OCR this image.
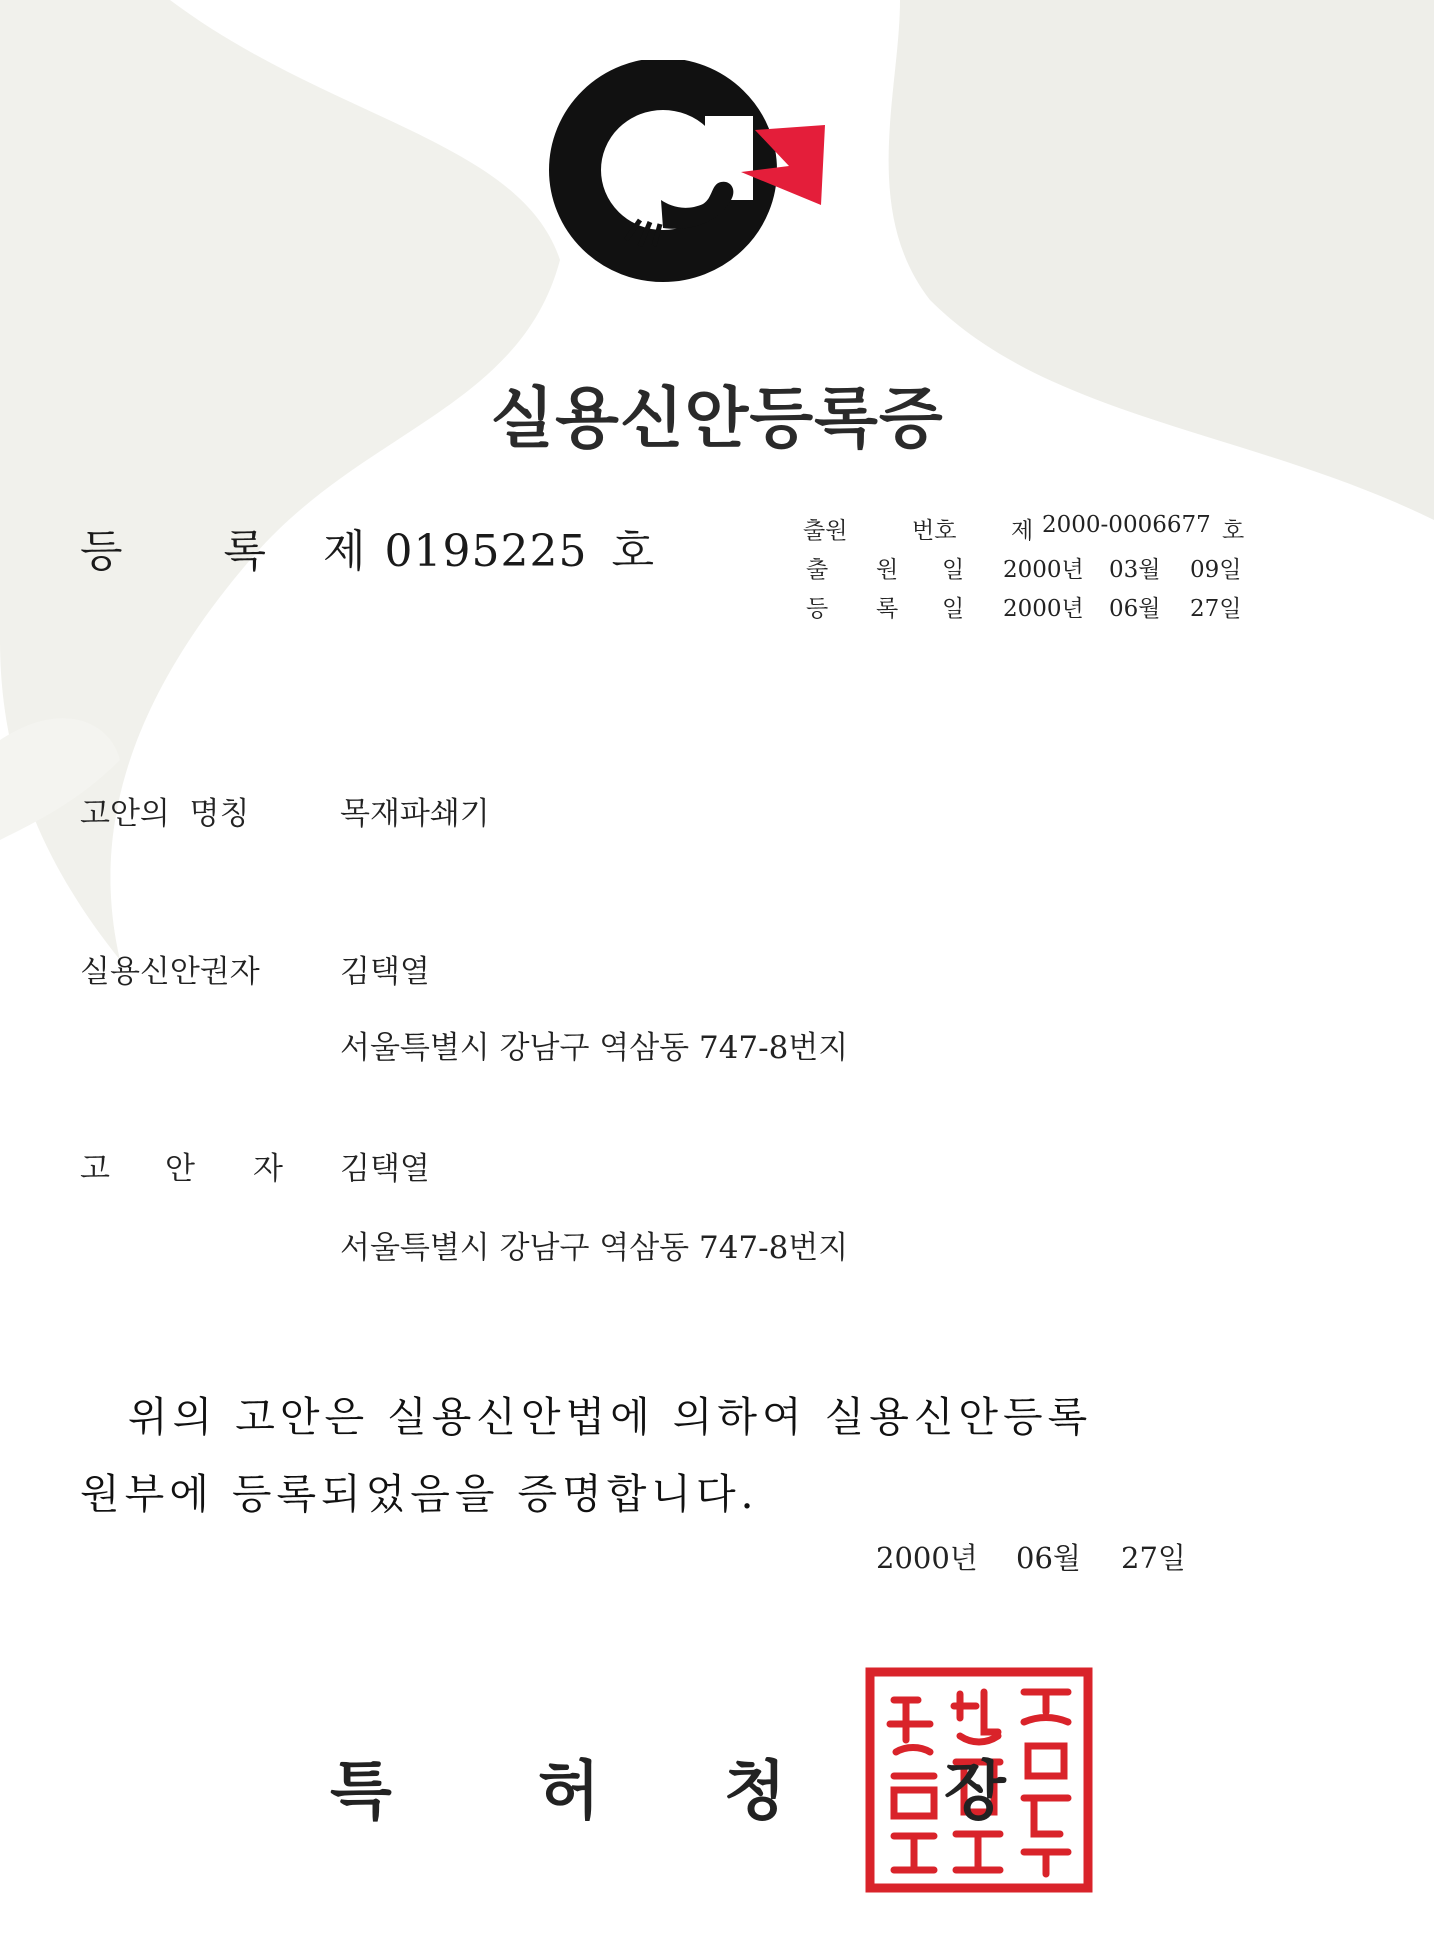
실용신안등록증
등 록 제 0195225 호	출원	번호 제 2000-0006677 호
출 원 일 2000년 03월 09일
등 록 일 2000년 06월 27일
고안의  명칭	목재파쇄기
실용신안권자	김택열
서울특별시 강남구 역삼동 747-8번지
고 안 자 김택열
서울특별시 강남구 역삼동 747-8번지
위의 고안은 실용신안법에 의하여 실용신안등록
원부에 등록되었음을 증명합니다.
2000년 06월 27일
특 허 청 장
